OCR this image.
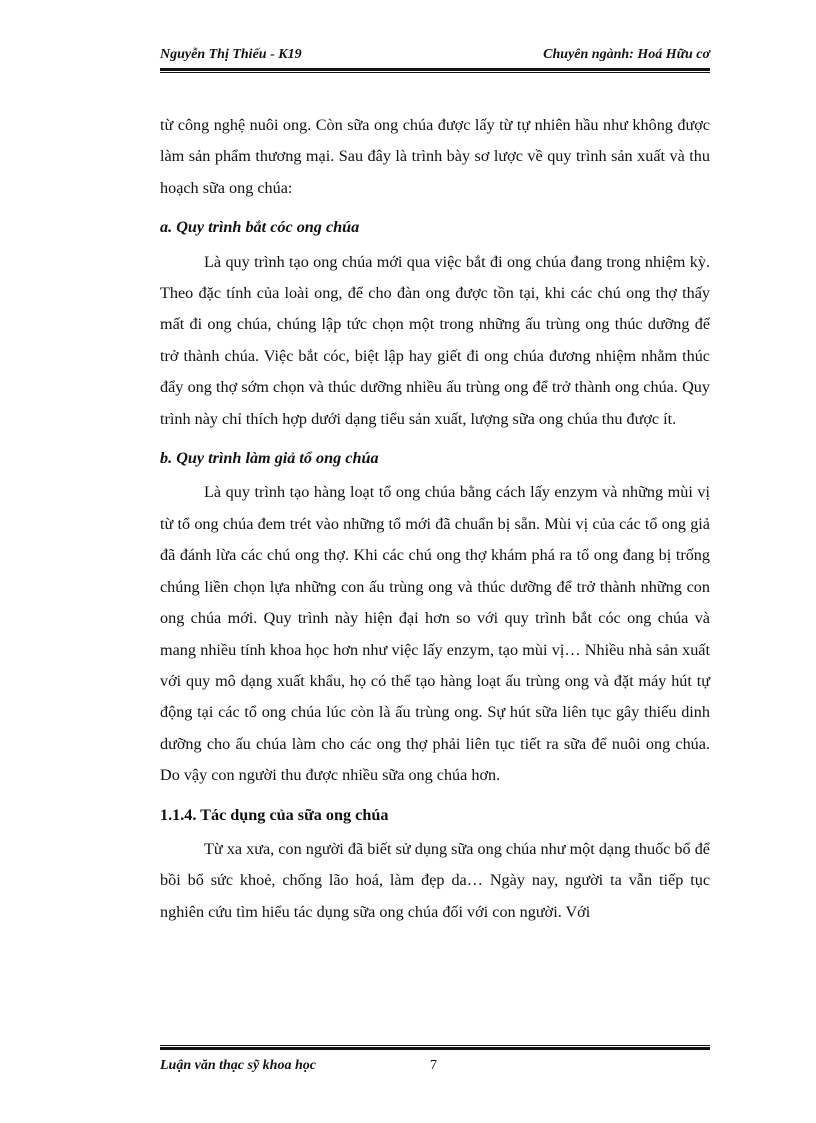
Nguyễn Thị Thiếu - K19	Chuyên ngành: Hoá Hữu cơ

từ công nghệ nuôi ong. Còn sữa ong chúa được lấy từ tự nhiên hầu như không được làm sản phẩm thương mại. Sau đây là trình bày sơ lược về quy trình sản xuất và thu hoạch sữa ong chúa:

a. Quy trình bắt cóc ong chúa

Là quy trình tạo ong chúa mới qua việc bắt đi ong chúa đang trong nhiệm kỳ. Theo đặc tính của loài ong, để cho đàn ong được tồn tại, khi các chú ong thợ thấy mất đi ong chúa, chúng lập tức chọn một trong những ấu trùng ong thúc dưỡng để trở thành chúa. Việc bắt cóc, biệt lập hay giết đi ong chúa đương nhiệm nhằm thúc đẩy ong thợ sớm chọn và thúc dưỡng nhiều ấu trùng ong để trở thành ong chúa. Quy trình này chỉ thích hợp dưới dạng tiểu sản xuất, lượng sữa ong chúa thu được ít.

b. Quy trình làm giả tổ ong chúa

Là quy trình tạo hàng loạt tổ ong chúa bằng cách lấy enzym và những mùi vị từ tổ ong chúa đem trét vào những tổ mới đã chuẩn bị sẵn. Mùi vị của các tổ ong giả đã đánh lừa các chú ong thợ. Khi các chú ong thợ khám phá ra tổ ong đang bị trống chúng liền chọn lựa những con ấu trùng ong và thúc dưỡng để trở thành những con ong chúa mới. Quy trình này hiện đại hơn so với quy trình bắt cóc ong chúa và mang nhiều tính khoa học hơn như việc lấy enzym, tạo mùi vị… Nhiều nhà sản xuất với quy mô dạng xuất khẩu, họ có thể tạo hàng loạt ấu trùng ong và đặt máy hút tự động tại các tổ ong chúa lúc còn là ấu trùng ong. Sự hút sữa liên tục gây thiếu dinh dưỡng cho ấu chúa làm cho các ong thợ phải liên tục tiết ra sữa để nuôi ong chúa. Do vậy con người thu được nhiều sữa ong chúa hơn.

1.1.4. Tác dụng của sữa ong chúa

Từ xa xưa, con người đã biết sử dụng sữa ong chúa như một dạng thuốc bổ để bồi bổ sức khoẻ, chống lão hoá, làm đẹp da… Ngày nay, người ta vẫn tiếp tục nghiên cứu tìm hiểu tác dụng sữa ong chúa đối với con người. Với

Luận văn thạc sỹ khoa học	7
